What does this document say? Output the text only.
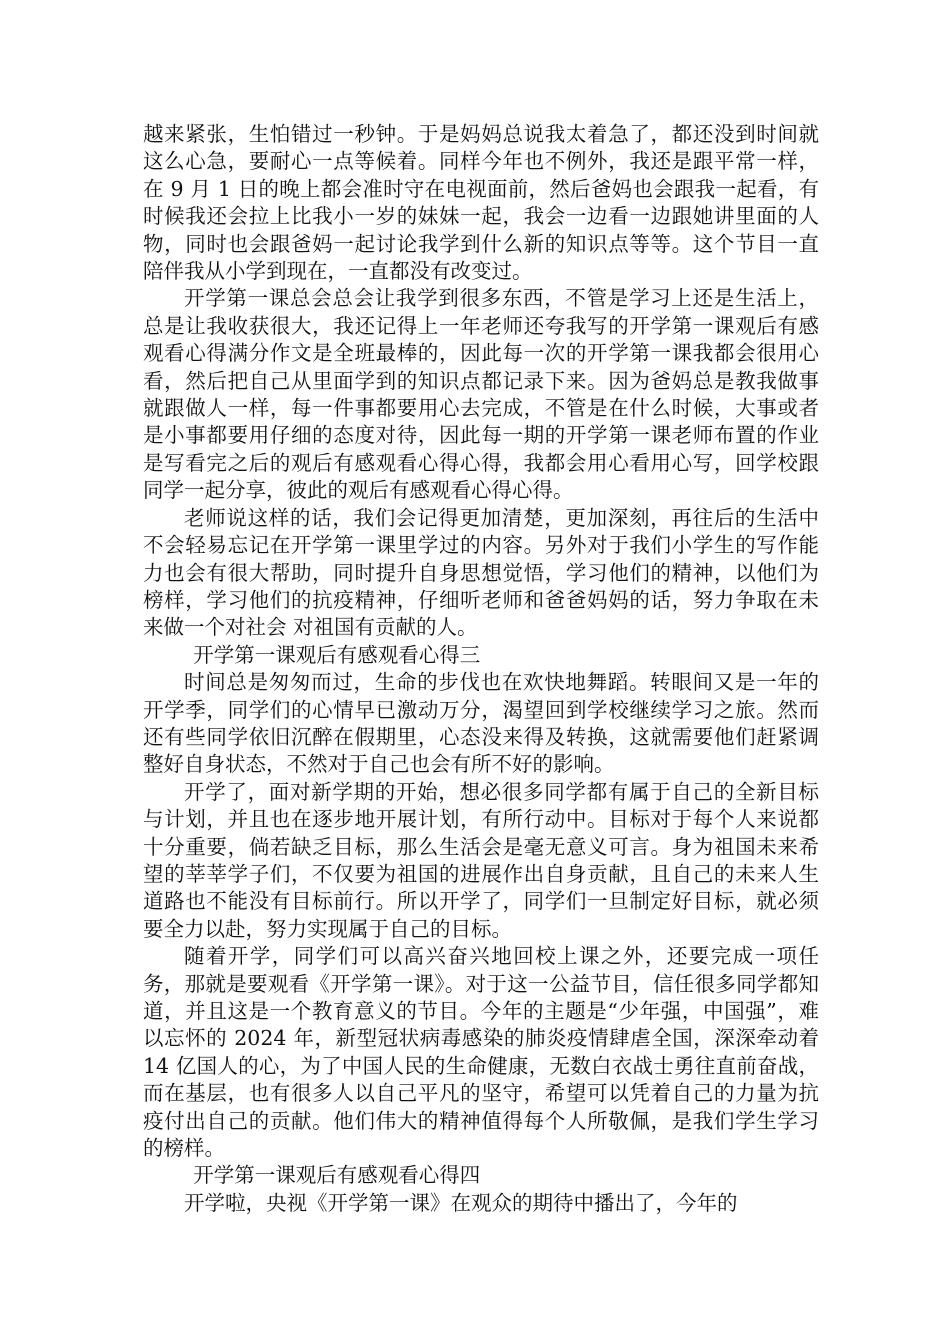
越来紧张，生怕错过一秒钟。于是妈妈总说我太着急了，都还没到时间就这么心急，要耐心一点等候着。同样今年也不例外，我还是跟平常一样，在 9 月 1 日的晚上都会准时守在电视面前，然后爸妈也会跟我一起看，有时候我还会拉上比我小一岁的妹妹一起，我会一边看一边跟她讲里面的人物，同时也会跟爸妈一起讨论我学到什么新的知识点等等。这个节目一直陪伴我从小学到现在，一直都没有改变过。

开学第一课总会总会让我学到很多东西，不管是学习上还是生活上，总是让我收获很大，我还记得上一年老师还夸我写的开学第一课观后有感观看心得满分作文是全班最棒的，因此每一次的开学第一课我都会很用心看，然后把自己从里面学到的知识点都记录下来。因为爸妈总是教我做事就跟做人一样，每一件事都要用心去完成，不管是在什么时候，大事或者是小事都要用仔细的态度对待，因此每一期的开学第一课老师布置的作业是写看完之后的观后有感观看心得心得，我都会用心看用心写，回学校跟同学一起分享，彼此的观后有感观看心得心得。

老师说这样的话，我们会记得更加清楚，更加深刻，再往后的生活中不会轻易忘记在开学第一课里学过的内容。另外对于我们小学生的写作能力也会有很大帮助，同时提升自身思想觉悟，学习他们的精神，以他们为榜样，学习他们的抗疫精神，仔细听老师和爸爸妈妈的话，努力争取在未来做一个对社会 对祖国有贡献的人。

开学第一课观后有感观看心得三

时间总是匆匆而过，生命的步伐也在欢快地舞蹈。转眼间又是一年的开学季，同学们的心情早已激动万分，渴望回到学校继续学习之旅。然而还有些同学依旧沉醉在假期里，心态没来得及转换，这就需要他们赶紧调整好自身状态，不然对于自己也会有所不好的影响。

开学了，面对新学期的开始，想必很多同学都有属于自己的全新目标与计划，并且也在逐步地开展计划，有所行动中。目标对于每个人来说都十分重要，倘若缺乏目标，那么生活会是毫无意义可言。身为祖国未来希望的莘莘学子们，不仅要为祖国的进展作出自身贡献，且自己的未来人生道路也不能没有目标前行。所以开学了，同学们一旦制定好目标，就必须要全力以赴，努力实现属于自己的目标。

随着开学，同学们可以高兴奋兴地回校上课之外，还要完成一项任务，那就是要观看《开学第一课》。对于这一公益节目，信任很多同学都知道，并且这是一个教育意义的节目。今年的主题是“少年强，中国强”，难以忘怀的 2024 年，新型冠状病毒感染的肺炎疫情肆虐全国，深深牵动着 14 亿国人的心，为了中国人民的生命健康，无数白衣战士勇往直前奋战，而在基层，也有很多人以自己平凡的坚守，希望可以凭着自己的力量为抗疫付出自己的贡献。他们伟大的精神值得每个人所敬佩，是我们学生学习的榜样。

开学第一课观后有感观看心得四

开学啦，央视《开学第一课》在观众的期待中播出了，今年的
